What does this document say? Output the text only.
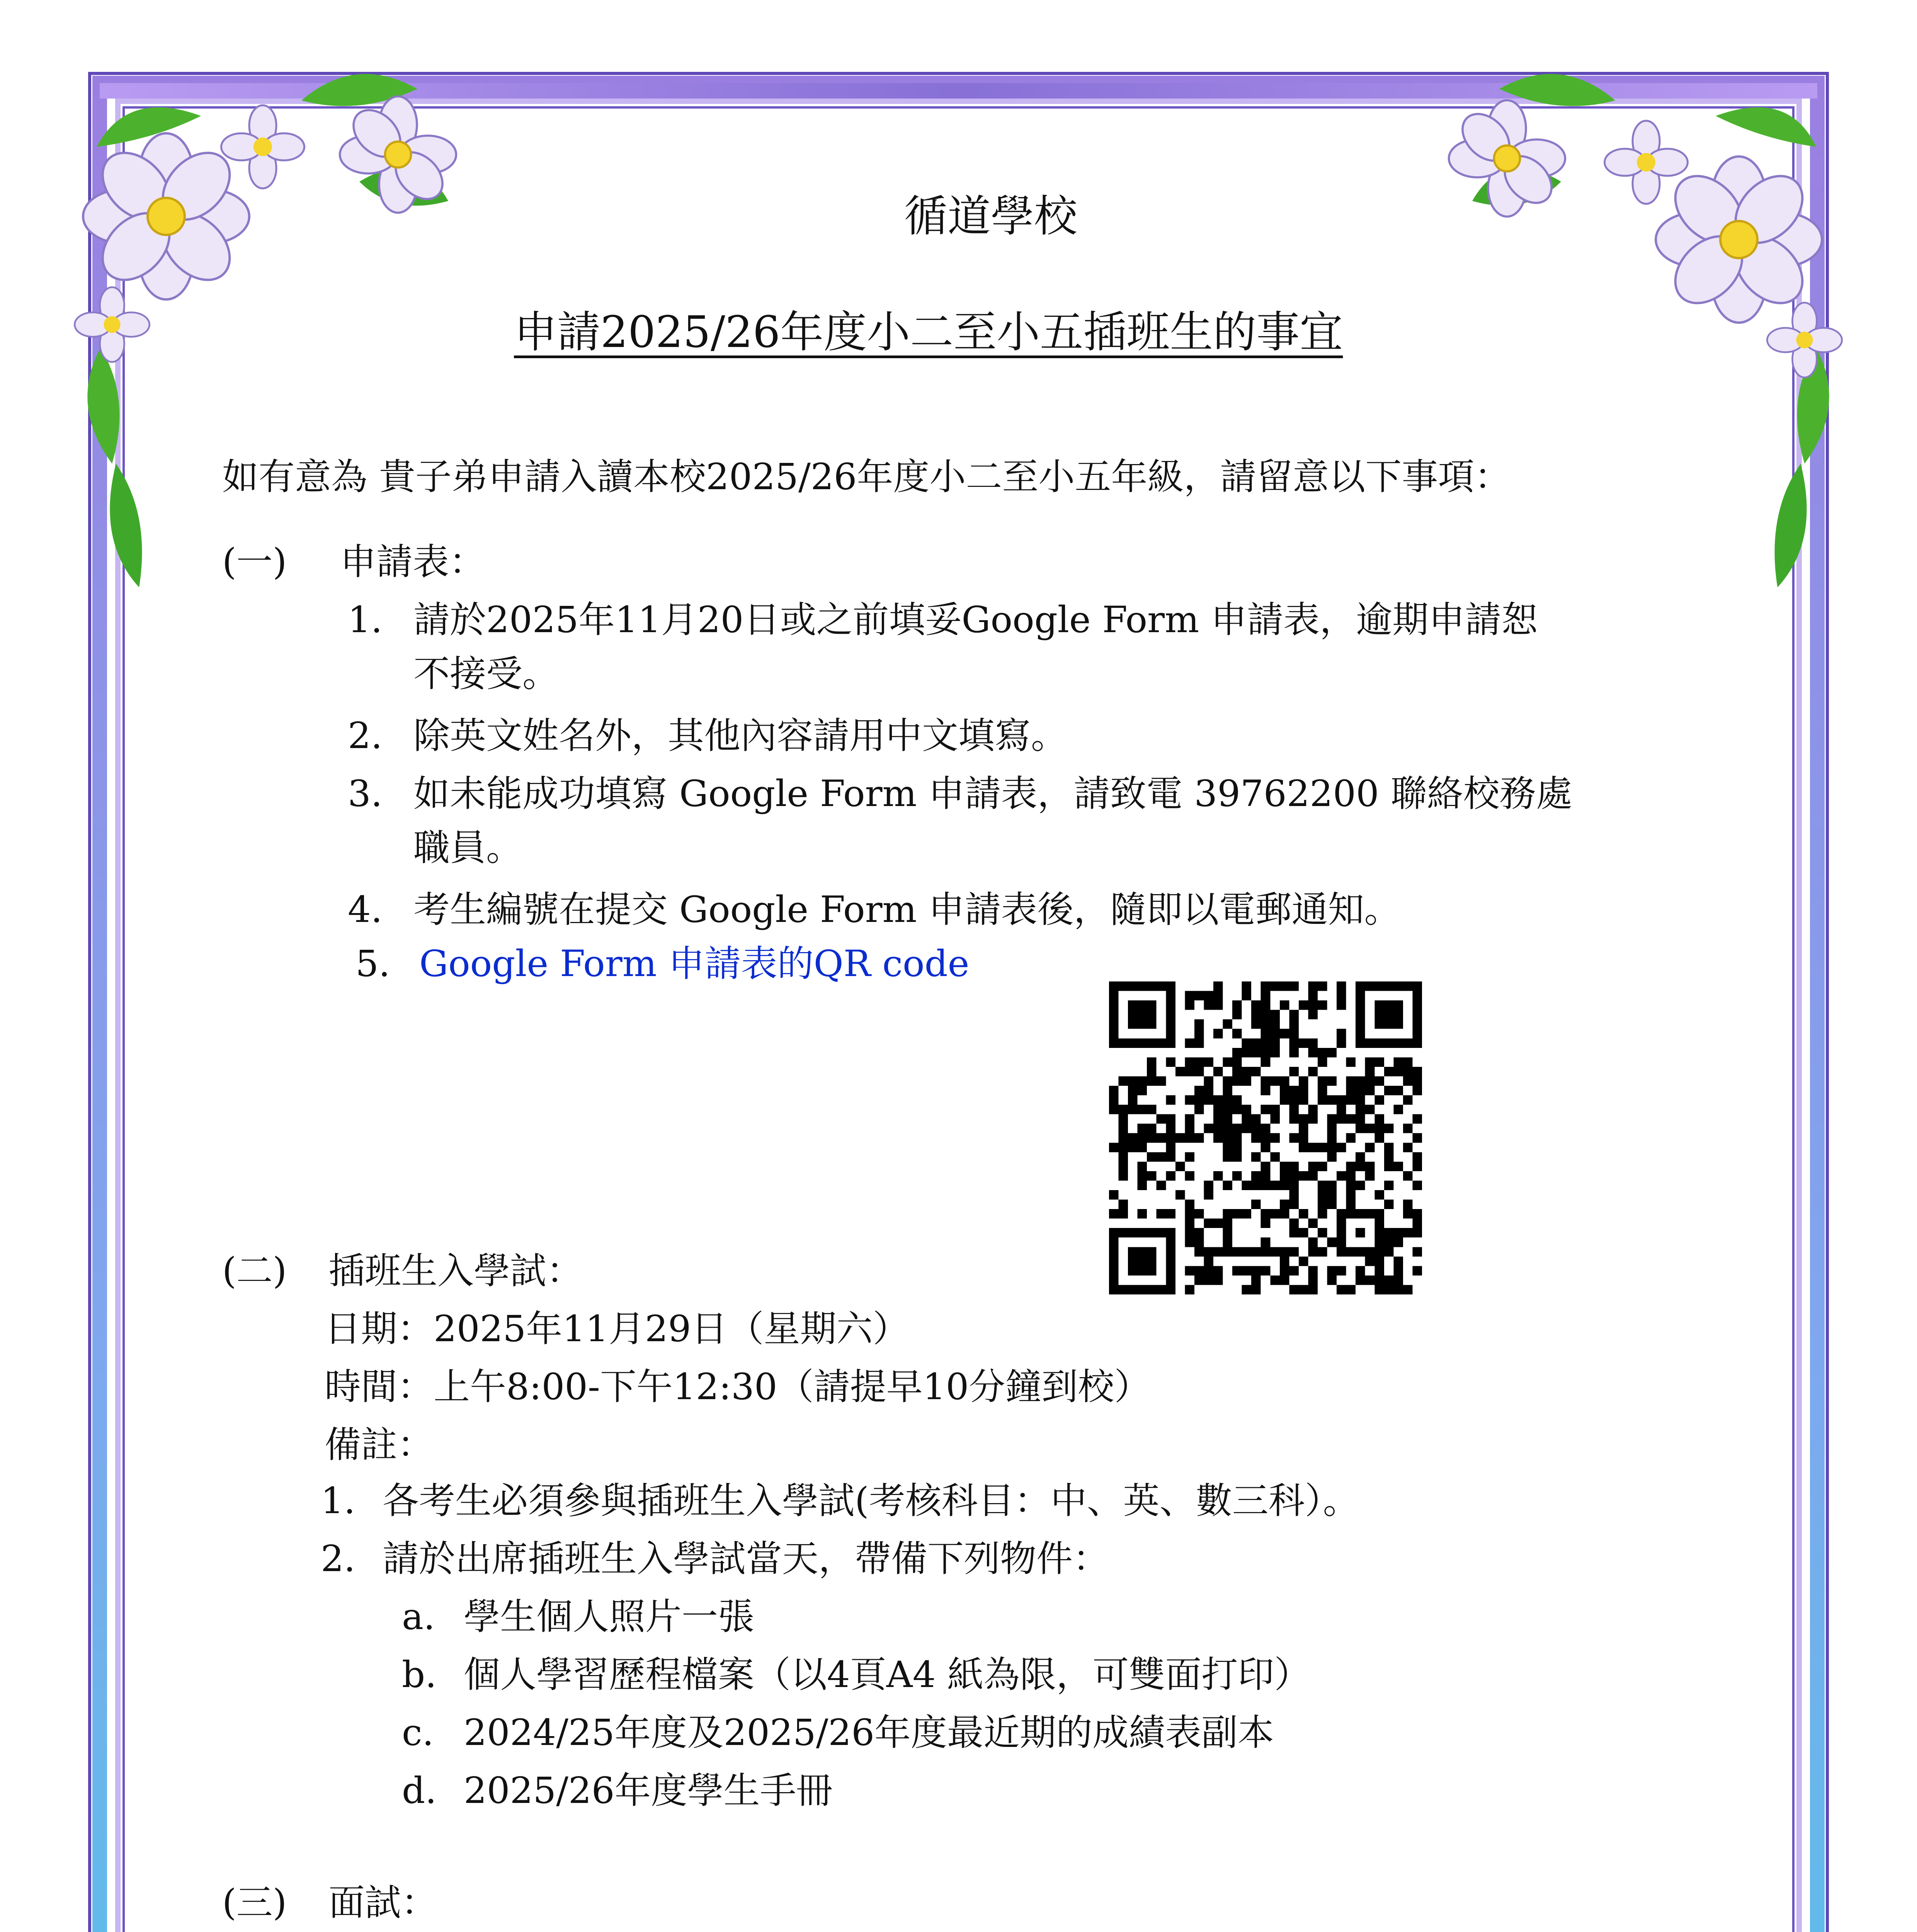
循道學校
申請2025/26年度小二至小五插班生的事宜
如有意為 貴子弟申請入讀本校2025/26年度小二至小五年級，請留意以下事項：
(一) 申請表：
1. 請於2025年11月20日或之前填妥Google Form 申請表，逾期申請恕
不接受。
2. 除英文姓名外，其他內容請用中文填寫。
3. 如未能成功填寫 Google Form 申請表，請致電 39762200 聯絡校務處
職員。
4. 考生編號在提交 Google Form 申請表後，隨即以電郵通知。
5. Google Form 申請表的QR code
(二) 插班生入學試：
日期：2025年11月29日（星期六）
時間：上午8:00-下午12:30（請提早10分鐘到校）
備註：
1. 各考生必須參與插班生入學試(考核科目：中、英、數三科）。
2. 請於出席插班生入學試當天，帶備下列物件：
a. 學生個人照片一張
b. 個人學習歷程檔案（以4頁A4 紙為限，可雙面打印）
c. 2024/25年度及2025/26年度最近期的成績表副本
d. 2025/26年度學生手冊
(三) 面試：
